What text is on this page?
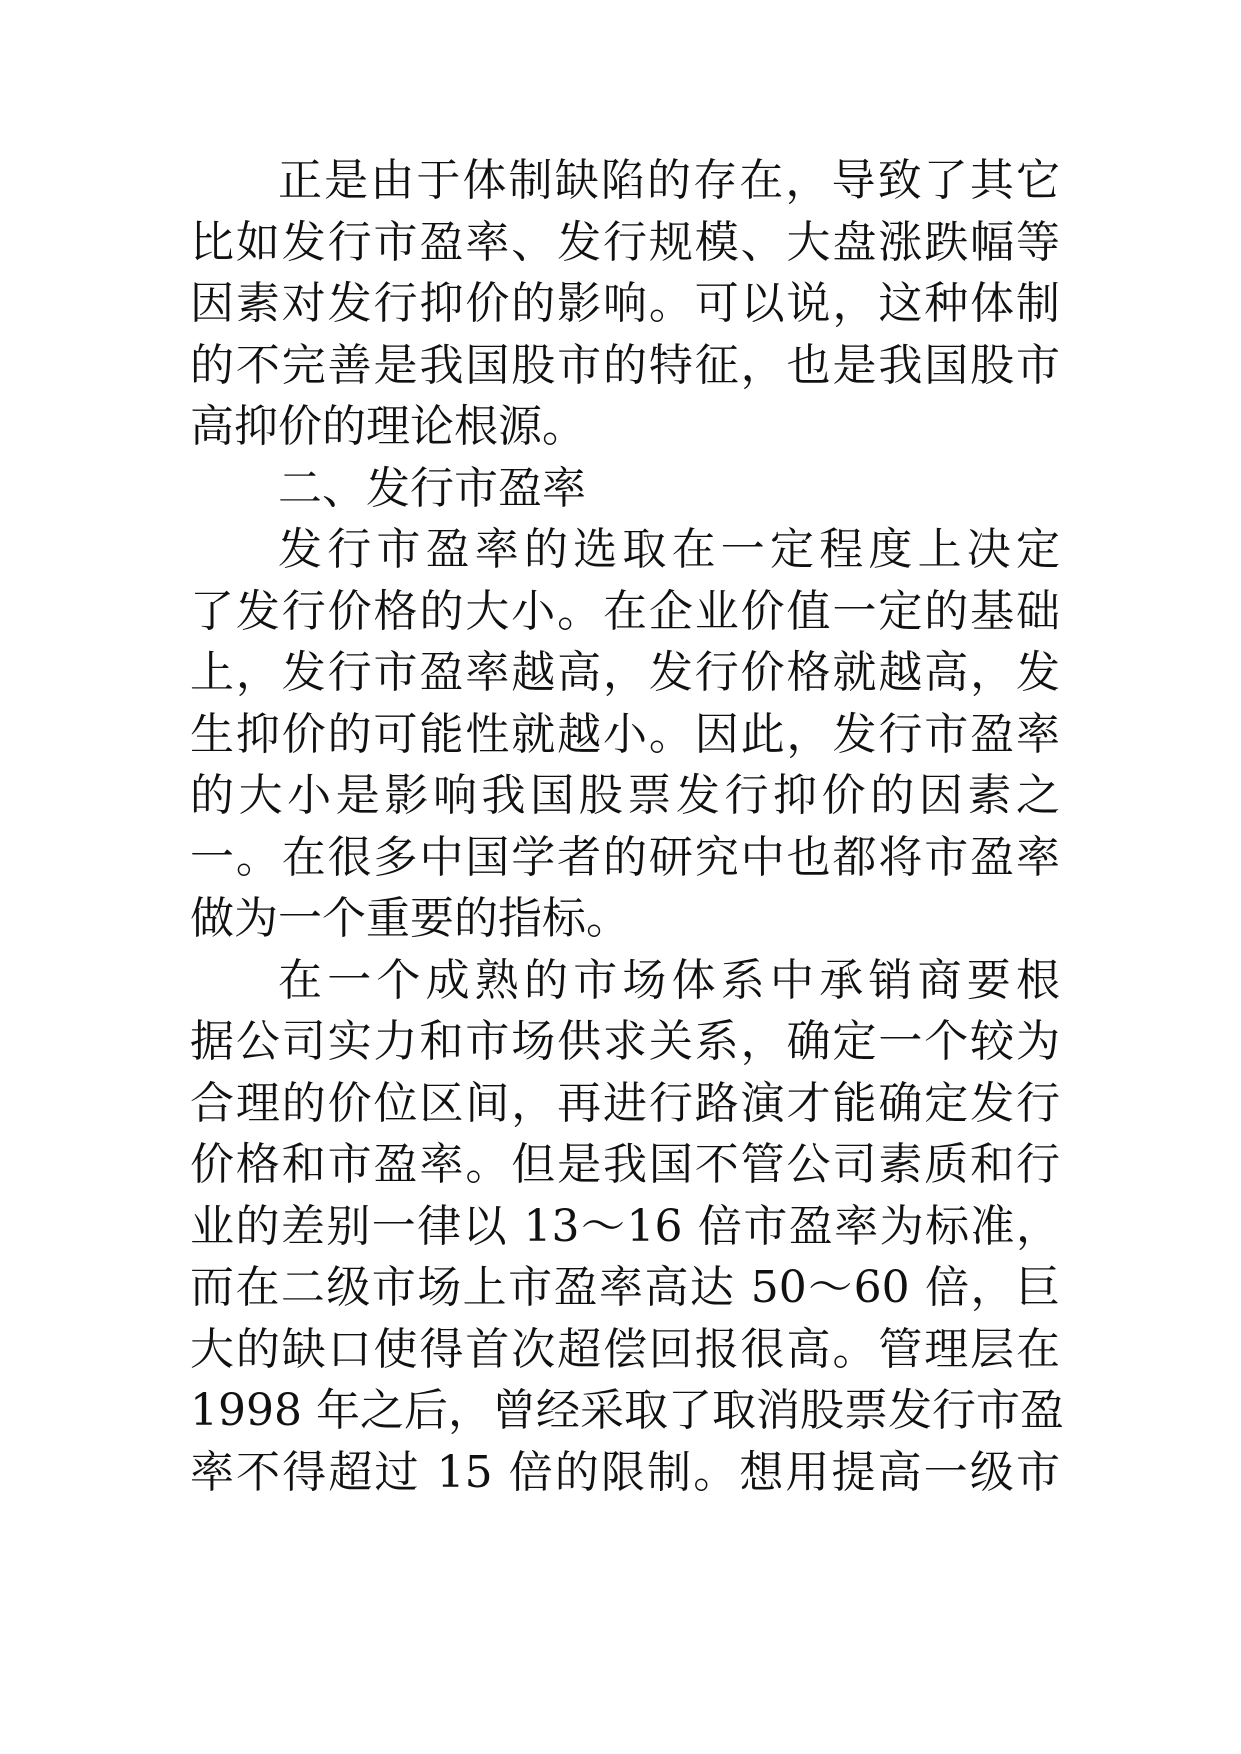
正是由于体制缺陷的存在，导致了其它
比如发行市盈率、发行规模、大盘涨跌幅等
因素对发行抑价的影响。可以说，这种体制
的不完善是我国股市的特征，也是我国股市
高抑价的理论根源。
二、发行市盈率
发行市盈率的选取在一定程度上决定
了发行价格的大小。在企业价值一定的基础
上，发行市盈率越高，发行价格就越高，发
生抑价的可能性就越小。因此，发行市盈率
的大小是影响我国股票发行抑价的因素之
一。在很多中国学者的研究中也都将市盈率
做为一个重要的指标。
在一个成熟的市场体系中承销商要根
据公司实力和市场供求关系，确定一个较为
合理的价位区间，再进行路演才能确定发行
价格和市盈率。但是我国不管公司素质和行
业的差别一律以 13～16 倍市盈率为标准，
而在二级市场上市盈率高达 50～60 倍，巨
大的缺口使得首次超偿回报很高。管理层在
1998 年之后，曾经采取了取消股票发行市盈
率不得超过 15 倍的限制。想用提高一级市
